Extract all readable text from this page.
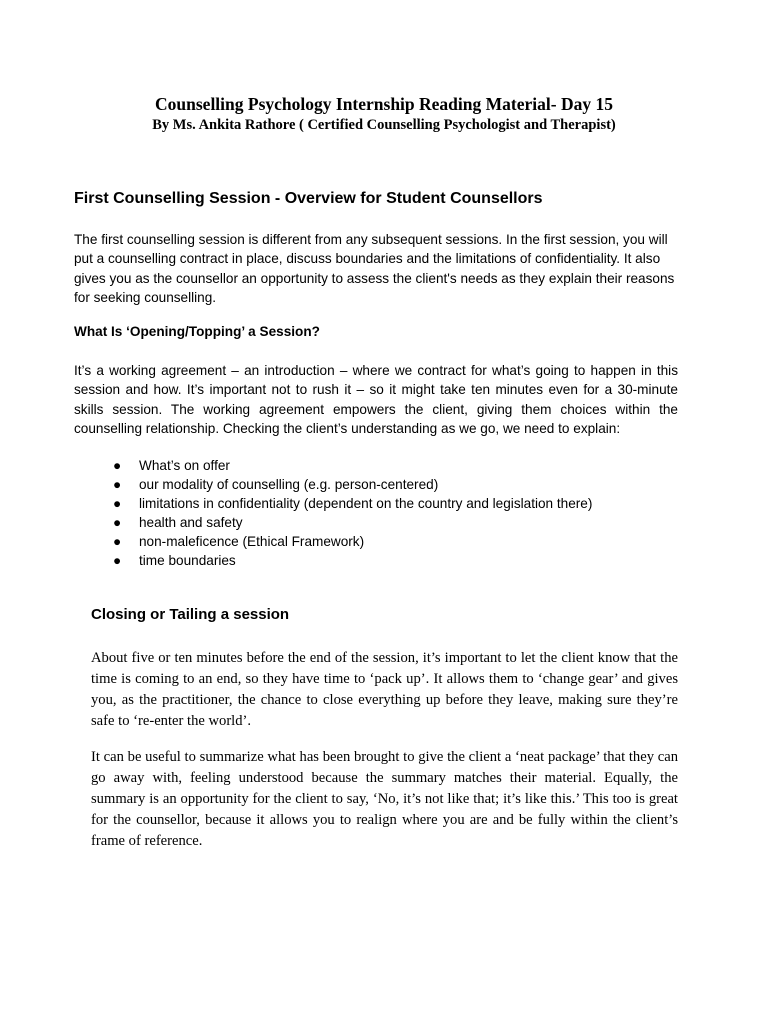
Counselling Psychology Internship Reading Material- Day 15
By Ms. Ankita Rathore ( Certified Counselling Psychologist and Therapist)
First Counselling Session - Overview for Student Counsellors

The first counselling session is different from any subsequent sessions. In the first session, you will put a counselling contract in place, discuss boundaries and the limitations of confidentiality. It also gives you as the counsellor an opportunity to assess the client's needs as they explain their reasons for seeking counselling.

What Is ‘Opening/Topping’ a Session?

It’s a working agreement – an introduction – where we contract for what’s going to happen in this session and how. It’s important not to rush it – so it might take ten minutes even for a 30-minute skills session. The working agreement empowers the client, giving them choices within the counselling relationship. Checking the client’s understanding as we go, we need to explain:

● What’s on offer
● our modality of counselling (e.g. person-centered)
● limitations in confidentiality (dependent on the country and legislation there)
● health and safety
● non-maleficence (Ethical Framework)
● time boundaries
Closing or Tailing a session

About five or ten minutes before the end of the session, it’s important to let the client know that the time is coming to an end, so they have time to ‘pack up’. It allows them to ‘change gear’ and gives you, as the practitioner, the chance to close everything up before they leave, making sure they’re safe to ‘re-enter the world’.

It can be useful to summarize what has been brought to give the client a ‘neat package’ that they can go away with, feeling understood because the summary matches their material. Equally, the summary is an opportunity for the client to say, ‘No, it’s not like that; it’s like this.’ This too is great for the counsellor, because it allows you to realign where you are and be fully within the client’s frame of reference.
